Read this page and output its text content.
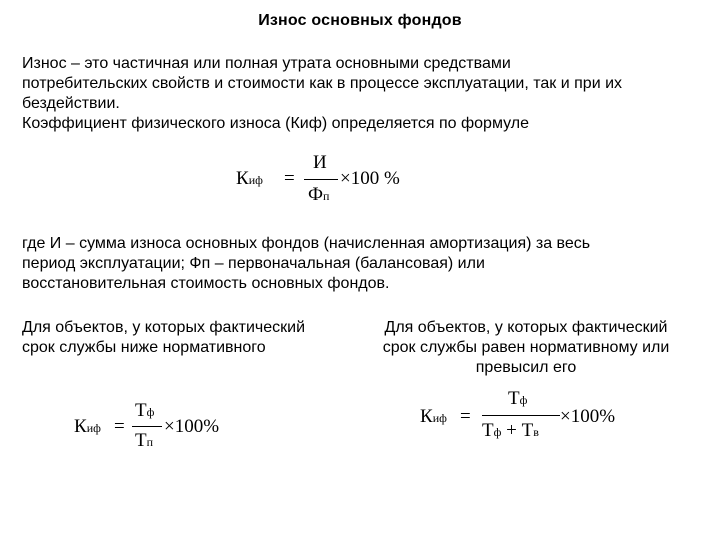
Износ основных фондов

Износ – это частичная или полная утрата основными средствами

потребительских свойств и стоимости как в процессе эксплуатации, так и при их

бездействии.

Коэффициент физического износа (Киф) определяется по формуле

Киф =
И
Фп
×100 %

где И – сумма износа основных фондов (начисленная амортизация) за весь

период эксплуатации; Фп – первоначальная (балансовая) или

восстановительная стоимость основных фондов.

Для объектов, у которых фактический

срок службы ниже нормативного

Для объектов, у которых фактический

срок службы равен нормативному или

превысил его

Киф =
Тф
Тп
×100%	Киф =
Тф
Тф + Тв
×100%
